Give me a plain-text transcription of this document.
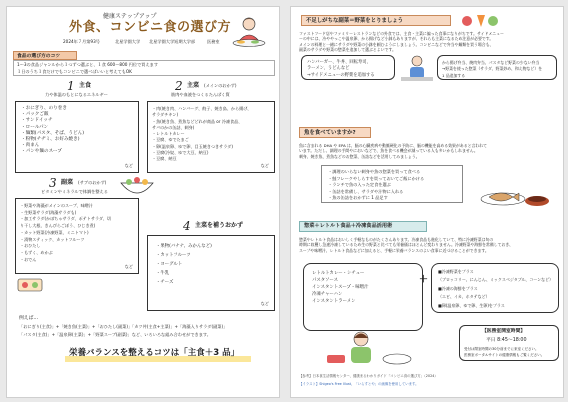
健康ステップアップ
外食、コンビニ食の選び方
2024年７月第93号	北星学園大学 北星学園大学短期大学部	医務室
食品の選び方のコツ
1～3の食品ジャンルから１つずつ選ぶと、１食 600～800 円位で買えます
１日のうち１食だけでもコンビニで選べばいいと考えてもOK
1 主食
力や体温のもとになるエネルギー
・おにぎり、のり巻き
・パックご飯
・サンドイッチ
・ロールパン
・麺類(パスタ、そば、うどん)
・粉物(チヂミ、お好み焼き)
・肉まん
・パンや麺のスープ
など
2 主菜 (メインのおかず)
筋肉や血液をつくるたんぱく質
・肉(焼き肉、ハンバーグ、餃子、焼き鳥、から揚げ、
サラダチキン)
・魚(焼き魚、煮魚などどれが商品 or 冷凍食品、
サバのかの缶詰、刺身)
・レトルトカレー
・豆腐、ゆでたまご
・卵(温泉卵、ゆで卵、目玉焼きつきサラダ)
・豆腐(冷奴、ゆで大豆、納豆)
・豆腐、納豆
など
3 副菜 (サブのおかず)
ビタミンやミネラルで体調を整える
・野菜や海藻がメインのスープ、味噌汁
・生野菜サラダ(海藻サラダも)
・加工サラダ(かぼちゃサラダ、ポテトサラダ、切
り干し大根、きんぴらごぼう、ひじき煮)
・カット野菜(冷凍野菜、ミニトマト)
・漬物スティック、カットフルーツ
・おひたし
・もずく、めかぶ
・おでん
など
4 主菜を補うおかず
・果物(バナナ、みかんなど)
・カットフルーツ
・ヨーグルト
・牛乳
・チーズ
など
例えば…
「おにぎり(主食)」+「焼き魚(主菜)」+「おひたし(副菜)」「カツ丼(主食+主菜)」+「海藻入りサラダ(副菜)」
「パスタ(主食)」+「温泉卵(主菜)」+「野菜スープ(副菜)」など、いろいろな組み合わせができます。
栄養バランスを整えるコツは「主食＋3 品」
不足しがちな副菜＝野菜をとりましょう
ファストフード店やファミリーレストランなどの外食では、主食・主菜に偏った食事になりがちです。サイドメニュー
ーの中には、冷ややっこや温泉卵、から揚げなど小鉢もありますが、それらも主菜になるため注意が必要です。
メインの料理と一緒にサラダや野菜の小鉢を頼むようにしましょう。コンビニなどで弁当や麺類を買う場合も、
副菜のサラダや野菜の惣菜を追加して選ぶとよいです。
ハンバーガー、牛丼、回転寿司、
ラーメン、うどんなど
→サイドメニューの野菜を追加する
から揚げ弁当、焼肉弁当、パスタなど野菜の少ない弁当
→野菜を使った惣菜（サラダ、野菜炒め、和え物など）を
1 品追加する
魚を食べていますか?
魚に含まれる DHA や EPA は、脳の心臓疾病や動脈硬化の予防に、脳の機能を高める効果があると言われて
います。ただし、調理の手間やにおいなどで、魚を食べる機会が減っている人も多いかもしれません。
刺身、焼き魚、煮魚などのお惣菜、缶詰などを活用してみましょう。
・調理のいらない刺身や魚の惣菜を買って食べる
・鮭フレークやしらすを買っておいてご飯にかける
・ランチで魚の入った定食を選ぶ
・缶詰を常備し、サラダや汁物に入れる
・魚の缶詰をおかずに 1 品足す
惣菜＋レトルト食品＋冷凍食品活用術
惣菜やレトルト食品はおいしく手軽なものがたくさんあります。冷凍食品も進化していて、特に冷凍野菜は旬の
時期に収穫し急速冷凍しているため生の野菜と比べても栄養価はほとんど変わりません。冷凍野菜や海鮮を常備しておき、
スープや味噌汁、レトルト食品などに加えると、手軽に栄養バランスのよい食事に近づけることができます。
レトルトカレー・シチュー
パスタソース
インスタントスープ・味噌汁
冷凍チャーハン
インスタントラーメン
＋
■冷凍野菜をプラス
（ブロッコリー、にんじん、ミックスベジタブル、コーンなど）
■冷凍の海鮮をプラス
（エビ、イカ、ホタテなど）
■卵(温泉卵、ゆで卵、生卵)をプラス
【医務室開室時間】
平日 8:45～18:00
受付は閉室時間の30分前までに来室ください。
医務室ポータルサイトの健康情報もご覧ください。
【参考】日本食生活情報センター、健康まるわかりガイド「コンビニ食の選び方」（2024）
【イラスト】Shigeo's Free Illust、「いらすとや」の画像を使用しています。
